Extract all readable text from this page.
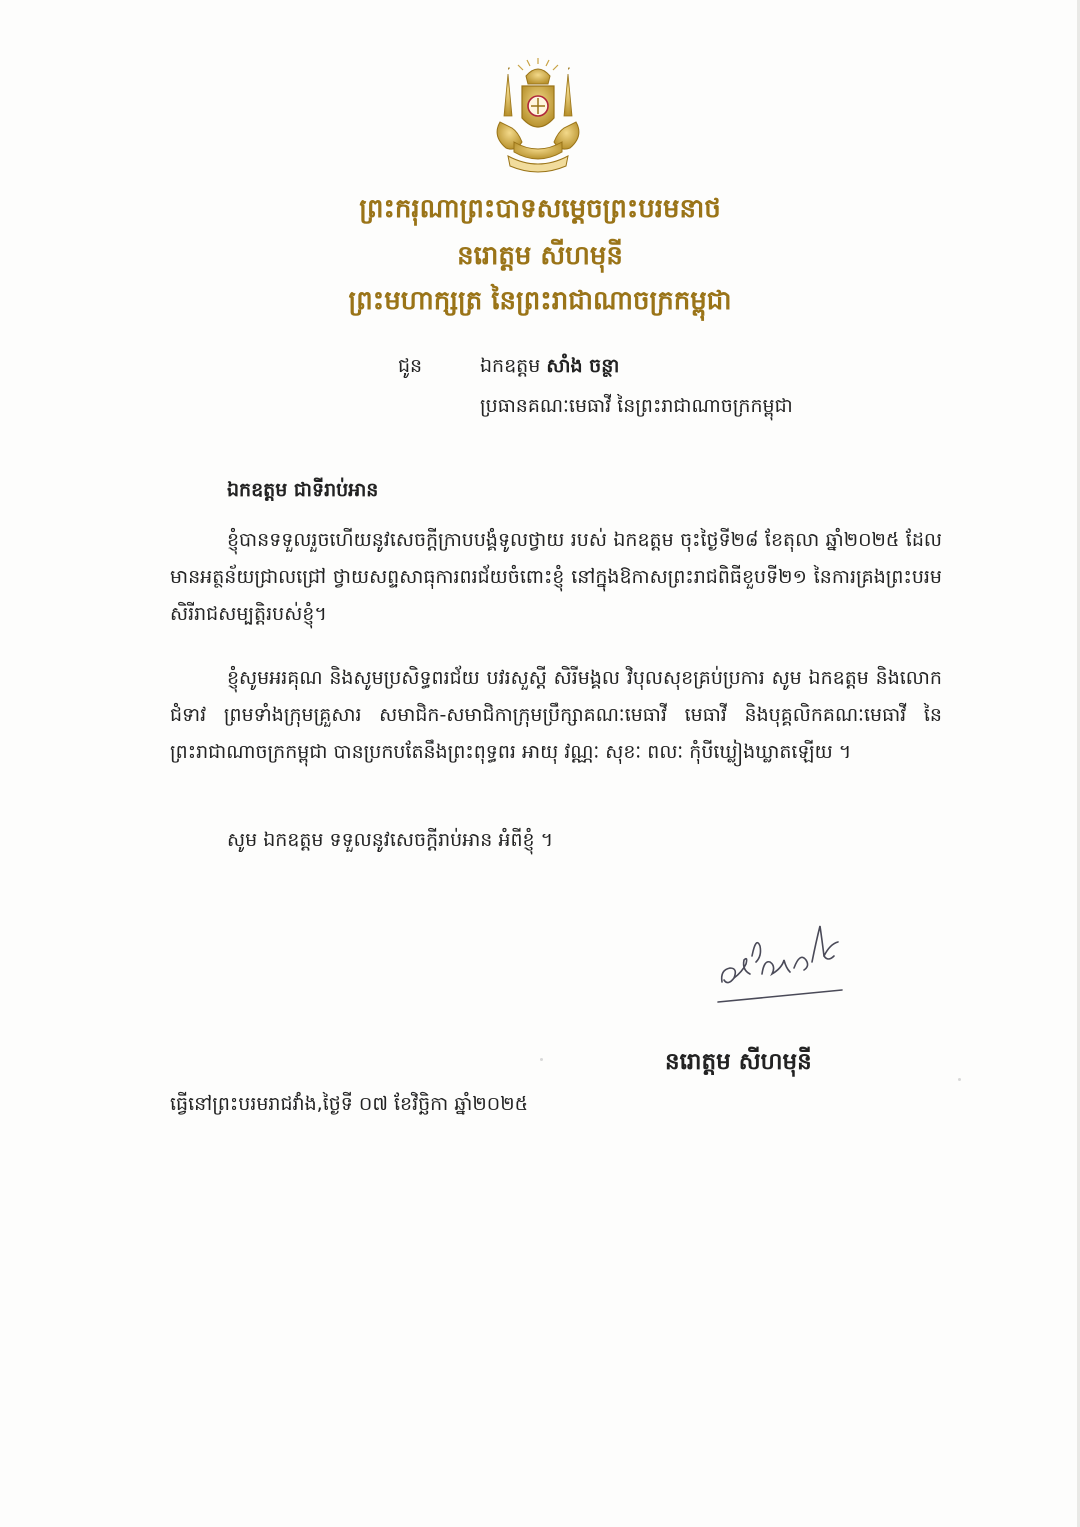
ព្រះករុណាព្រះបាទសម្ដេចព្រះបរមនាថ
នរោត្តម សីហមុនី
ព្រះមហាក្សត្រ នៃព្រះរាជាណាចក្រកម្ពុជា
ជូន	ឯកឧត្តម សាំង ចន្ថា
ប្រធានគណៈមេធាវី នៃព្រះរាជាណាចក្រកម្ពុជា
ឯកឧត្តម ជាទីរាប់អាន
ខ្ញុំបានទទួលរួចហើយនូវសេចក្តីក្រាបបង្គំទូលថ្វាយ របស់ ឯកឧត្តម ចុះថ្ងៃទី២៨ ខែតុលា ឆ្នាំ២០២៥ ដែលមានអត្ថន័យជ្រាលជ្រៅ ថ្វាយសព្ទសាធុការពរជ័យចំពោះខ្ញុំ នៅក្នុងឱកាសព្រះរាជពិធីខួបទី២១ នៃការគ្រងព្រះបរមសិរីរាជសម្បត្តិរបស់ខ្ញុំ។
ខ្ញុំសូមអរគុណ និងសូមប្រសិទ្ធពរជ័យ បវរសួស្តី សិរីមង្គល វិបុលសុខគ្រប់ប្រការ សូម ឯកឧត្តម និងលោកជំទាវ ព្រមទាំងក្រុមគ្រួសារ សមាជិក-សមាជិកាក្រុមប្រឹក្សាគណៈមេធាវី មេធាវី និងបុគ្គលិកគណៈមេធាវី នៃព្រះរាជាណាចក្រកម្ពុជា បានប្រកបតែនឹងព្រះពុទ្ធពរ អាយុ វណ្ណៈ សុខៈ ពលៈ កុំបីឃ្លៀងឃ្លាតឡើយ ។
សូម ឯកឧត្តម ទទួលនូវសេចក្តីរាប់អាន អំពីខ្ញុំ ។
នរោត្តម សីហមុនី
ធ្វើនៅព្រះបរមរាជវាំង,ថ្ងៃទី ០៧ ខែវិច្ឆិកា ឆ្នាំ២០២៥
